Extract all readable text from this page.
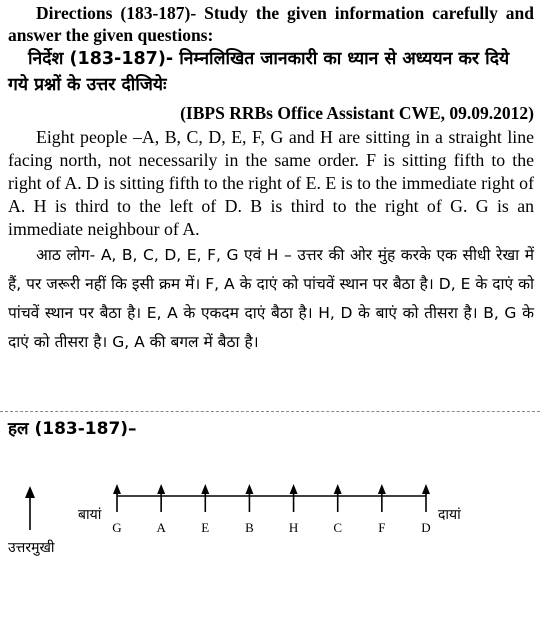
Directions (183-187)- Study the given information carefully and answer the given questions:

निर्देश (183-187)- निम्नलिखित जानकारी का ध्यान से अध्ययन कर दिये गये प्रश्नों के उत्तर दीजियेः

(IBPS RRBs Office Assistant CWE, 09.09.2012)

Eight people –A, B, C, D, E, F, G and H are sitting in a straight line facing north, not necessarily in the same order. F is sitting fifth to the right of A. D is sitting fifth to the right of E. E is to the immediate right of A. H is third to the left of D. B is third to the right of G. G is an immediate neighbour of A.

आठ लोग- A, B, C, D, E, F, G एवं H – उत्तर की ओर मुंह करके एक सीधी रेखा में हैं, पर जरूरी नहीं कि इसी क्रम में। F, A के दाएं को पांचवें स्थान पर बैठा है। D, E के दाएं को पांचवें स्थान पर बैठा है। E, A के एकदम दाएं बैठा है। H, D के बाएं को तीसरा है। B, G के दाएं को तीसरा है। G, A की बगल में बैठा है।

हल (183-187)–
उत्तरमुखी
बायां	दायां
G	A	E	B	H	C	F	D
